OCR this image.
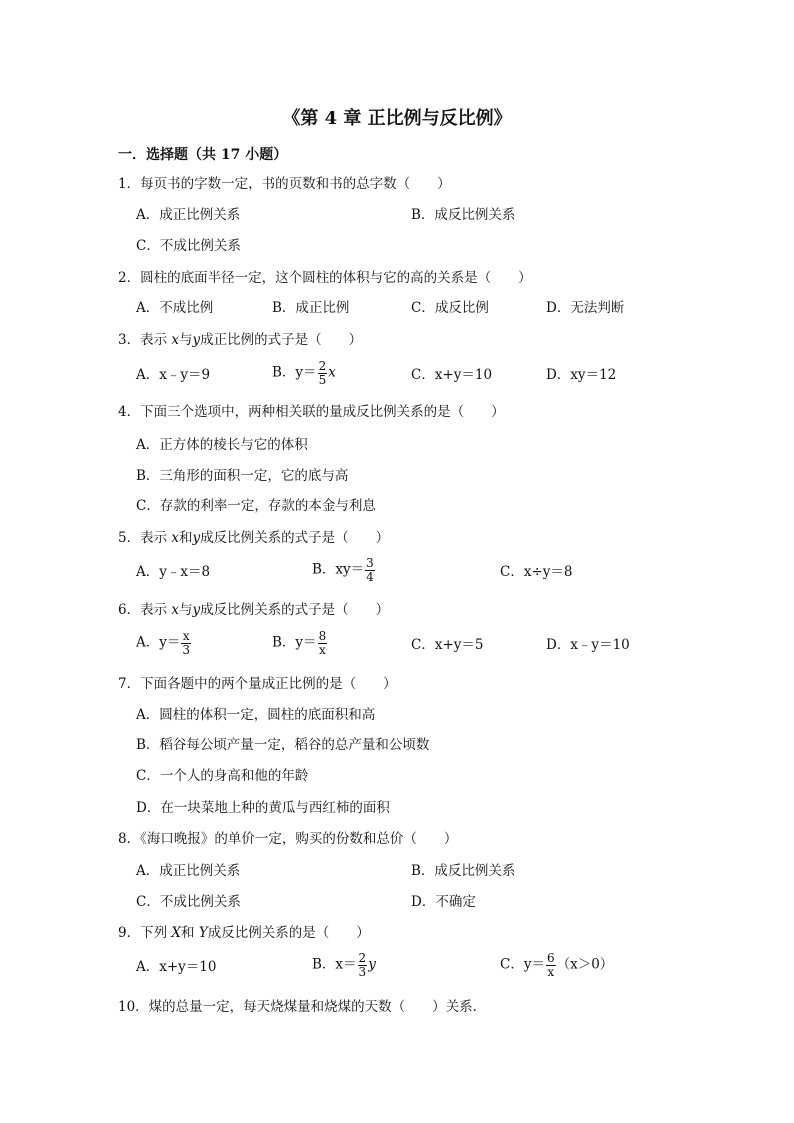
《第 4 章 正比例与反比例》
一．选择题（共 17 小题）
1．每页书的字数一定，书的页数和书的总字数（　　）
A．成正比例关系	B．成反比例关系
C．不成比例关系
2．圆柱的底面半径一定，这个圆柱的体积与它的高的关系是（　　）
A．不成比例	B．成正比例	C．成反比例	D．无法判断
3．表示 x与y成正比例的式子是（　　）
A．x﹣y＝9	B．$y= \frac{2}{5}$ x	C．x+y＝10	D．xy＝12
4．下面三个选项中，两种相关联的量成反比例关系的是（　　）
A．正方体的棱长与它的体积
B．三角形的面积一定，它的底与高
C．存款的利率一定，存款的本金与利息
5．表示 x和y成反比例关系的式子是（　　）
A．y﹣x＝8	B．$xy= \frac{3}{4}$	C．x÷y＝8
6．表示 x与y成反比例关系的式子是（　　）
A．$y= \frac{x}{3}$	B．$y= \frac{8}{x}$	C．x+y＝5	D．x﹣y＝10
7．下面各题中的两个量成正比例的是（　　）
A．圆柱的体积一定，圆柱的底面积和高
B．稻谷每公顷产量一定，稻谷的总产量和公顷数
C．一个人的身高和他的年龄
D．在一块菜地上种的黄瓜与西红柿的面积
8．《海口晚报》的单价一定，购买的份数和总价（　　）
A．成正比例关系	B．成反比例关系
C．不成比例关系	D．不确定
9．下列 X和 Y成反比例关系的是（　　）
A．x+y＝10	B．$x= \frac{2}{3}$ y	C．$y= \frac{6}{x} (x>0)$
10．煤的总量一定，每天烧煤量和烧煤的天数（　　）关系．
